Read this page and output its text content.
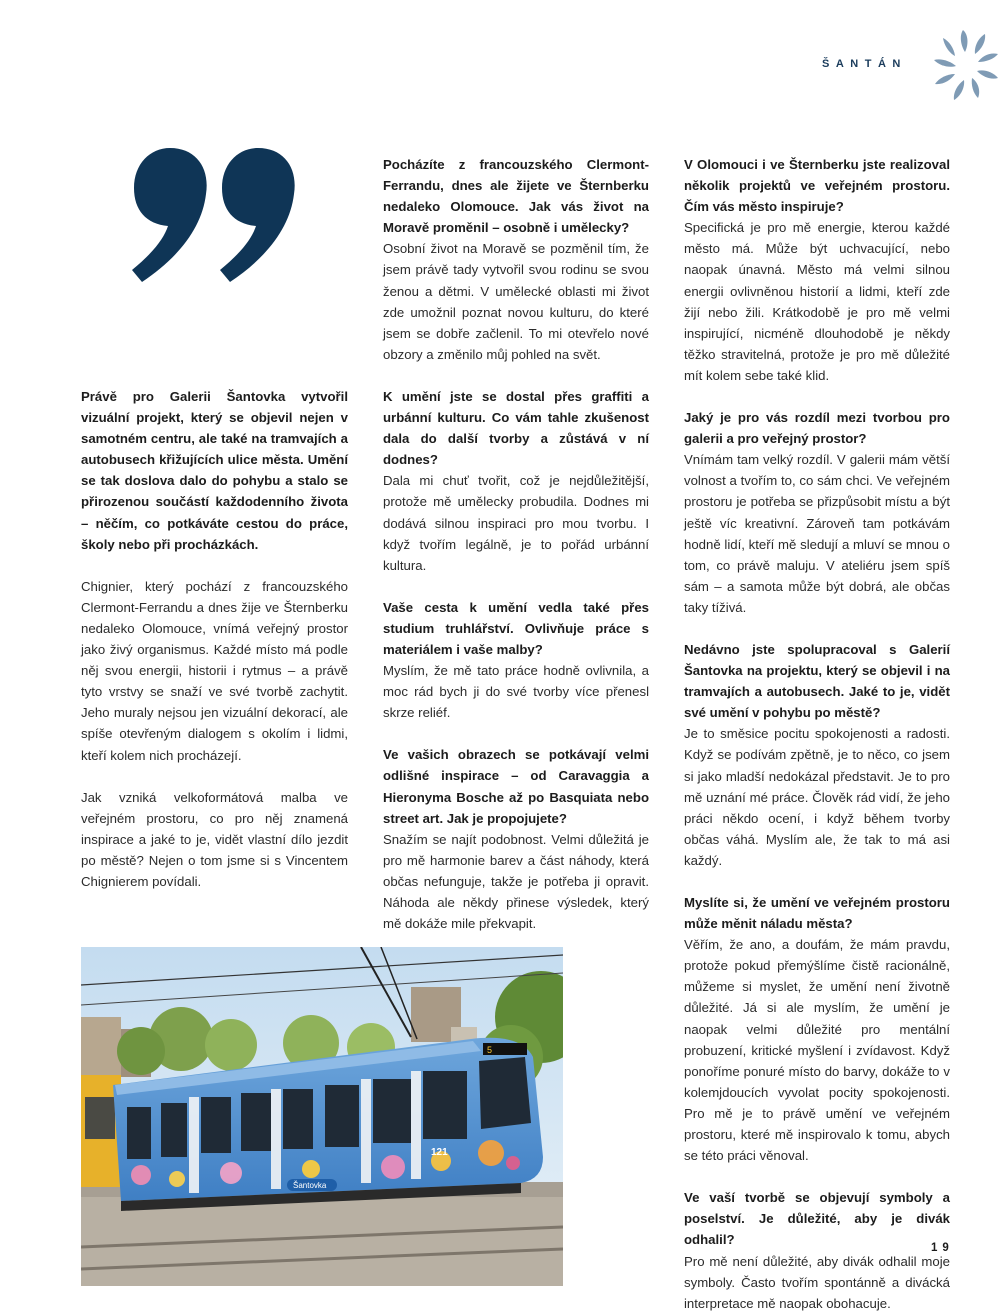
ŠANTÁN

Právě pro Galerii Šantovka vytvořil vizuální projekt, který se objevil nejen v samotném centru, ale také na tramvajích a autobusech křižujících ulice města. Umění se tak doslova dalo do pohybu a stalo se přirozenou součástí každodenního života – něčím, co potkáváte cestou do práce, školy nebo při procházkách.

Chignier, který pochází z francouzského Clermont-Ferrandu a dnes žije ve Šternberku nedaleko Olomouce, vnímá veřejný prostor jako živý organismus. Každé místo má podle něj svou energii, historii i rytmus – a právě tyto vrstvy se snaží ve své tvorbě zachytit. Jeho muraly nejsou jen vizuální dekorací, ale spíše otevřeným dialogem s okolím i lidmi, kteří kolem nich procházejí.

Jak vzniká velkoformátová malba ve veřejném prostoru, co pro něj znamená inspirace a jaké to je, vidět vlastní dílo jezdit po městě? Nejen o tom jsme si s Vincentem Chignierem povídali.

Pocházíte z francouzského Clermont-Ferrandu, dnes ale žijete ve Šternberku nedaleko Olomouce. Jak vás život na Moravě proměnil – osobně i umělecky?

Osobní život na Moravě se pozměnil tím, že jsem právě tady vytvořil svou rodinu se svou ženou a dětmi. V umělecké oblasti mi život zde umožnil poznat novou kulturu, do které jsem se dobře začlenil. To mi otevřelo nové obzory a změnilo můj pohled na svět.

K umění jste se dostal přes graffiti a urbánní kulturu. Co vám tahle zkušenost dala do další tvorby a zůstává v ní dodnes?

Dala mi chuť tvořit, což je nejdůležitější, protože mě umělecky probudila. Dodnes mi dodává silnou inspiraci pro mou tvorbu. I když tvořím legálně, je to pořád urbánní kultura.

Vaše cesta k umění vedla také přes studium truhlářství. Ovlivňuje práce s materiálem i vaše malby?

Myslím, že mě tato práce hodně ovlivnila, a moc rád bych ji do své tvorby více přenesl skrze reliéf.

Ve vašich obrazech se potkávají velmi odlišné inspirace – od Caravaggia a Hieronyma Bosche až po Basquiata nebo street art. Jak je propojujete?

Snažím se najít podobnost. Velmi důležitá je pro mě harmonie barev a část náhody, která občas nefunguje, takže je potřeba ji opravit. Náhoda ale někdy přinese výsledek, který mě dokáže mile překvapit.

V Olomouci i ve Šternberku jste realizoval několik projektů ve veřejném prostoru. Čím vás město inspiruje?

Specifická je pro mě energie, kterou každé město má. Může být uchvacující, nebo naopak únavná. Město má velmi silnou energii ovlivněnou historií a lidmi, kteří zde žijí nebo žili. Krátkodobě je pro mě velmi inspirující, nicméně dlouhodobě je někdy těžko stravitelná, protože je pro mě důležité mít kolem sebe také klid.

Jaký je pro vás rozdíl mezi tvorbou pro galerii a pro veřejný prostor?

Vnímám tam velký rozdíl. V galerii mám větší volnost a tvořím to, co sám chci. Ve veřejném prostoru je potřeba se přizpůsobit místu a být ještě víc kreativní. Zároveň tam potkávám hodně lidí, kteří mě sledují a mluví se mnou o tom, co právě maluju. V ateliéru jsem spíš sám – a samota může být dobrá, ale občas taky tíživá.

Nedávno jste spolupracoval s Galerií Šantovka na projektu, který se objevil i na tramvajích a autobusech. Jaké to je, vidět své umění v pohybu po městě?

Je to směsice pocitu spokojenosti a radosti. Když se podívám zpětně, je to něco, co jsem si jako mladší nedokázal představit. Je to pro mě uznání mé práce. Člověk rád vidí, že jeho práci někdo ocení, i když během tvorby občas váhá. Myslím ale, že tak to má asi každý.

Myslíte si, že umění ve veřejném prostoru může měnit náladu města?

Věřím, že ano, a doufám, že mám pravdu, protože pokud přemýšlíme čistě racionálně, můžeme si myslet, že umění není životně důležité. Já si ale myslím, že umění je naopak velmi důležité pro mentální probuzení, kritické myšlení i zvídavost. Když ponoříme ponuré místo do barvy, dokáže to v kolemjdoucích vyvolat pocity spokojenosti. Pro mě je to právě umění ve veřejném prostoru, které mě inspirovalo k tomu, abych se této práci věnoval.

Ve vaší tvorbě se objevují symboly a poselství. Je důležité, aby je divák odhalil?

Pro mě není důležité, aby divák odhalil moje symboly. Často tvořím spontánně a divácká interpretace mě naopak obohacuje.

5
121
Šantovka
19
